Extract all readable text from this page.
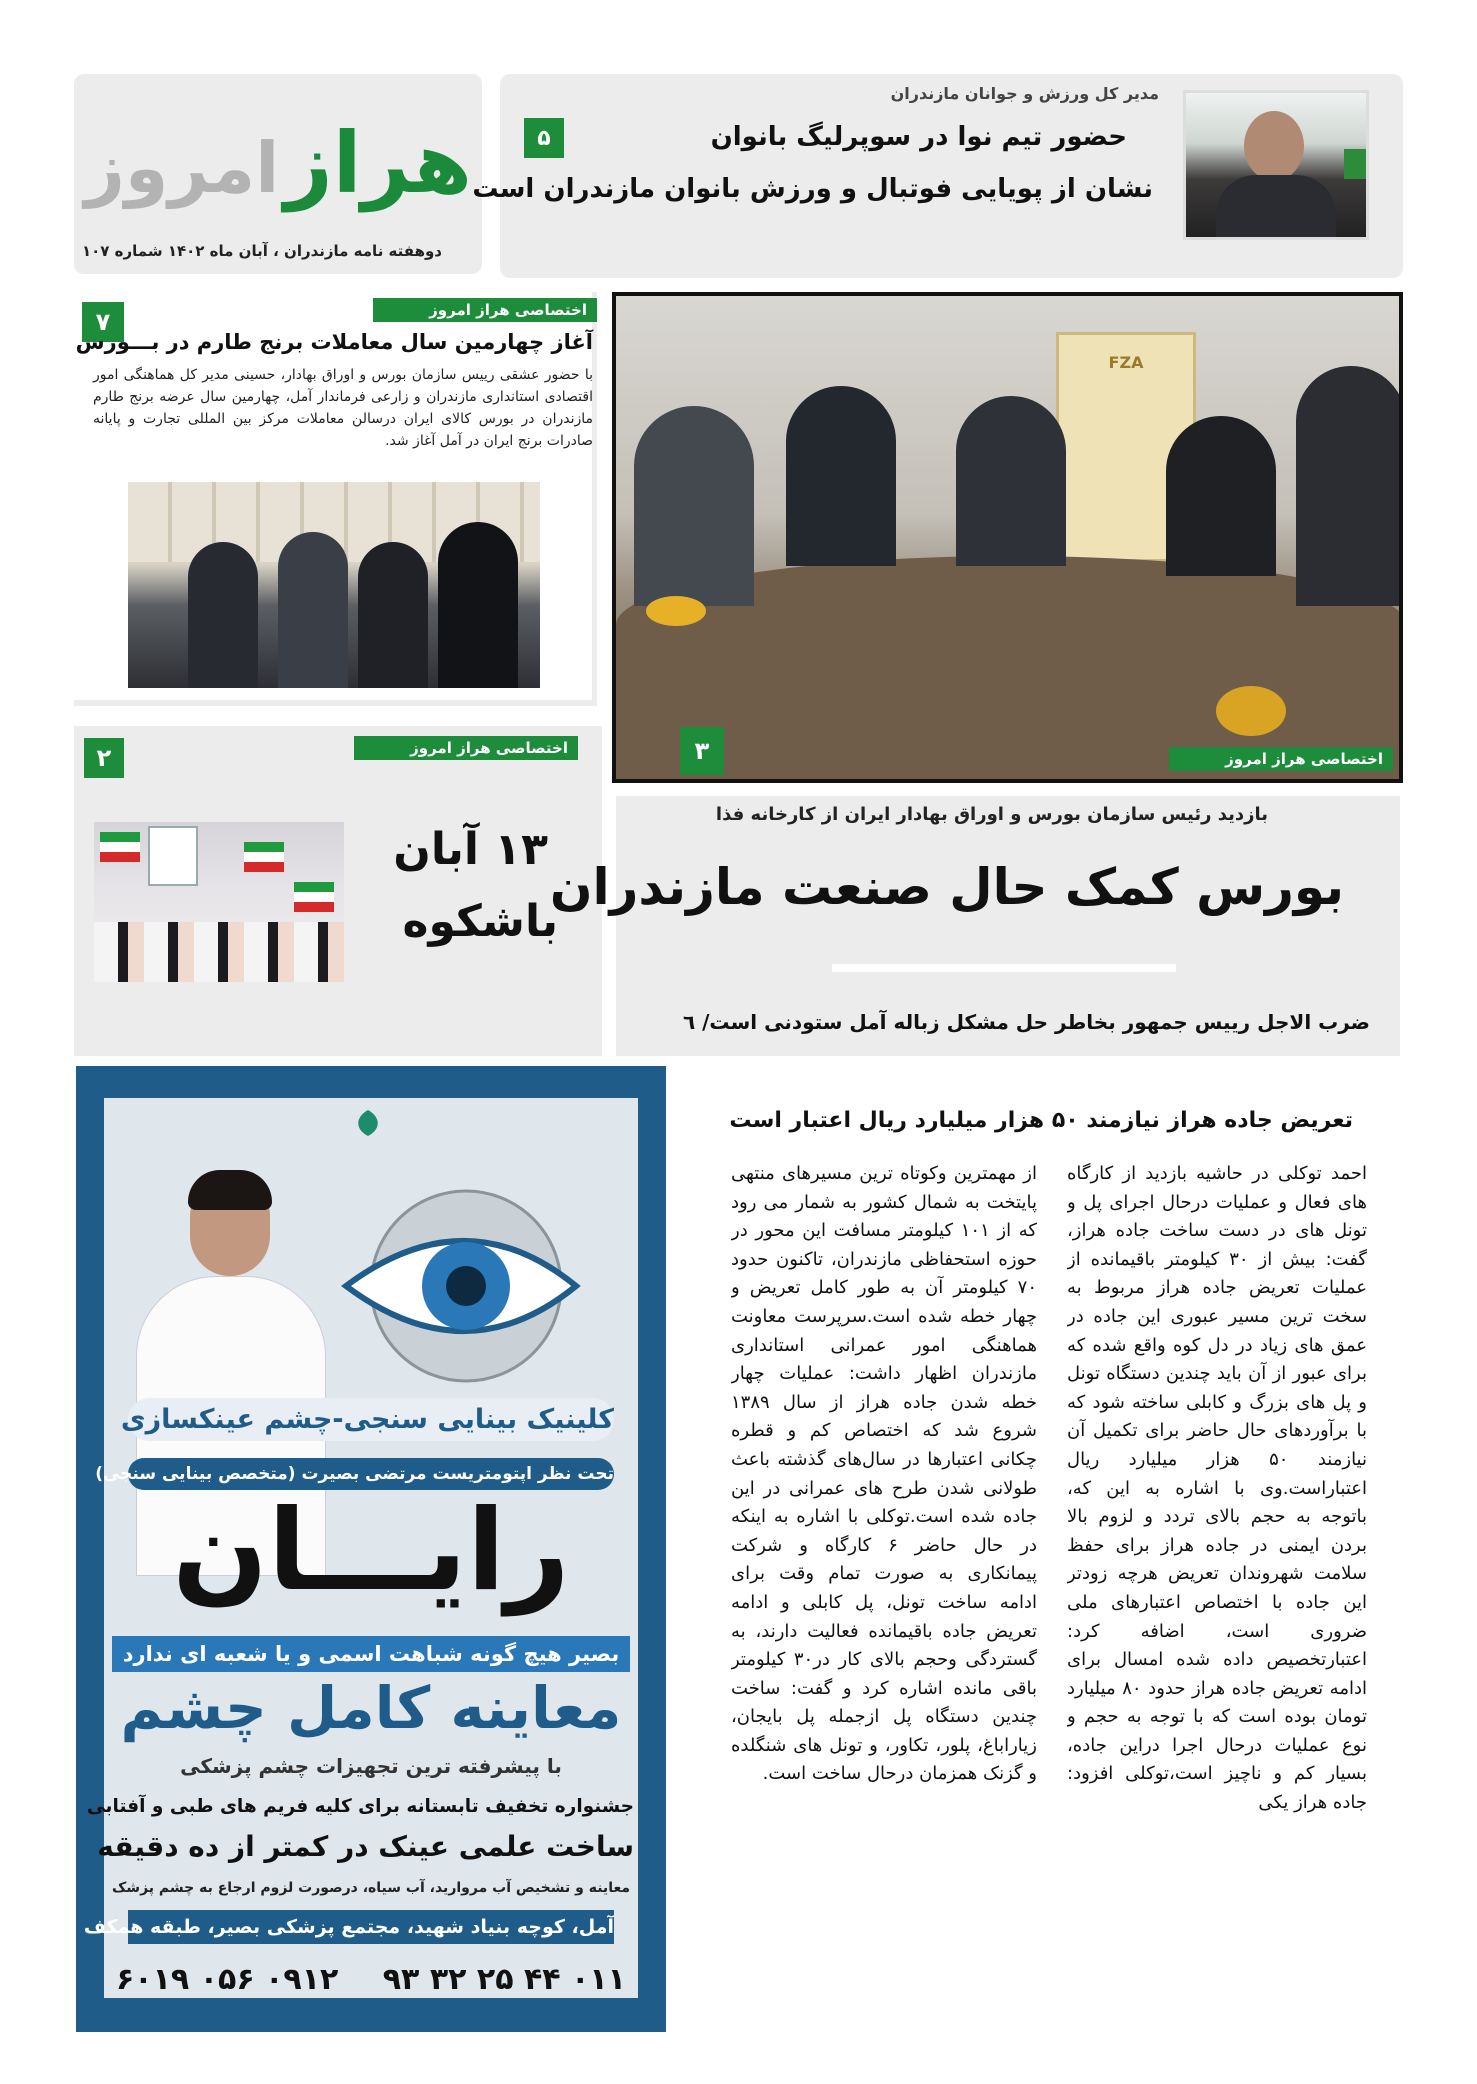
هراز امروز
دوهفته نامه مازندران ، آبان ماه ۱۴۰۲ شماره ۱۰۷
مدیر کل ورزش و جوانان مازندران
حضور تیم نوا در سوپرلیگ بانوان
نشان از پویایی فوتبال و ورزش بانوان مازندران است
۵
اختصاصی هراز امروز
۷
آغاز چهارمین سال معاملات برنج طارم در بـــورس
با حضور عشقی رییس سازمان بورس و اوراق بهادار، حسینی مدیر کل هماهنگی امور اقتصادی استانداری مازندران و زارعی فرماندار آمل، چهارمین سال عرضه برنج طارم مازندران در بورس کالای ایران درسالن معاملات مرکز بین المللی تجارت و پایانه صادرات برنج ایران در آمل آغاز شد.
FZA
اختصاصی هراز امروز
۳
اختصاصی هراز امروز
۲
۱۳ آبان
باشکوه
بازدید رئیس سازمان بورس و اوراق بهادار ایران از کارخانه فذا
بورس کمک حال صنعت مازندران
ضرب الاجل رییس جمهور بخاطر حل مشکل زباله آمل ستودنی است/ ٦
کلینیک بینایی سنجی-چشم عینکسازی
تحت نظر اپتومتریست مرتضی بصیرت (متخصص بینایی سنجی)
رایـــان
بصیر هیچ گونه شباهت اسمی و یا شعبه ای ندارد
معاینه کامل چشم
با پیشرفته ترین تجهیزات چشم پزشکی
جشنواره تخفیف تابستانه برای کلیه فریم های طبی و آفتابی
ساخت علمی عینک در کمتر از ده دقیقه
معاینه و تشخیص آب مروارید، آب سیاه، درصورت لزوم ارجاع به چشم پزشک
آمل، کوچه بنیاد شهید، مجتمع پزشکی بصیر، طبقه همکف
۰۱۱ ۴۴ ۲۵ ۳۲ ۹۳
۰۹۱۲ ۰۵۶ ۶۰۱۹
تعریض جاده هراز نیازمند ۵۰ هزار میلیارد ریال اعتبار است

احمد توکلی در حاشیه بازدید از کارگاه های فعال و عملیات درحال اجرای پل و تونل های در دست ساخت جاده هراز، گفت: بیش از ۳۰ کیلومتر باقیمانده از عملیات تعریض جاده هراز مربوط به سخت ترین مسیر عبوری این جاده در عمق های زیاد در دل کوه واقع شده که برای عبور از آن باید چندین دستگاه تونل و پل های بزرگ و کابلی ساخته شود که با برآوردهای حال حاضر برای تکمیل آن نیازمند ۵۰ هزار میلیارد ریال اعتباراست.وی با اشاره به این که، باتوجه به حجم بالای تردد و لزوم بالا بردن ایمنی در جاده هراز برای حفظ سلامت شهروندان تعریض هرچه زودتر این جاده با اختصاص اعتبارهای ملی ضروری است، اضافه کرد: اعتبارتخصیص داده شده امسال برای ادامه تعریض جاده هراز حدود ۸۰ میلیارد تومان بوده است که با توجه به حجم و نوع عملیات درحال اجرا دراین جاده، بسیار کم و ناچیز است،توکلی افزود: جاده هراز یکی

از مهمترین وکوتاه ترین مسیرهای منتهی پایتخت به شمال کشور به شمار می رود که از ۱۰۱ کیلومتر مسافت این محور در حوزه استحفاظی مازندران، تاکنون حدود ۷۰ کیلومتر آن به طور کامل تعریض و چهار خطه شده است.سرپرست معاونت هماهنگی امور عمرانی استانداری مازندران اظهار داشت: عملیات چهار خطه شدن جاده هراز از سال ۱۳۸۹ شروع شد که اختصاص کم و قطره چکانی اعتبارها در سال‌های گذشته باعث طولانی شدن طرح های عمرانی در این جاده شده است.توکلی با اشاره به اینکه در حال حاضر ۶ کارگاه و شرکت پیمانکاری به صورت تمام وقت برای ادامه ساخت تونل، پل کابلی و ادامه تعریض جاده باقیمانده فعالیت دارند، به گستردگی وحجم بالای کار در۳۰ کیلومتر باقی مانده اشاره کرد و گفت: ساخت چندین دستگاه پل ازجمله پل بایجان، زیاراباغ، پلور، تکاور، و تونل های شنگلده و گزنک همزمان درحال ساخت است.
